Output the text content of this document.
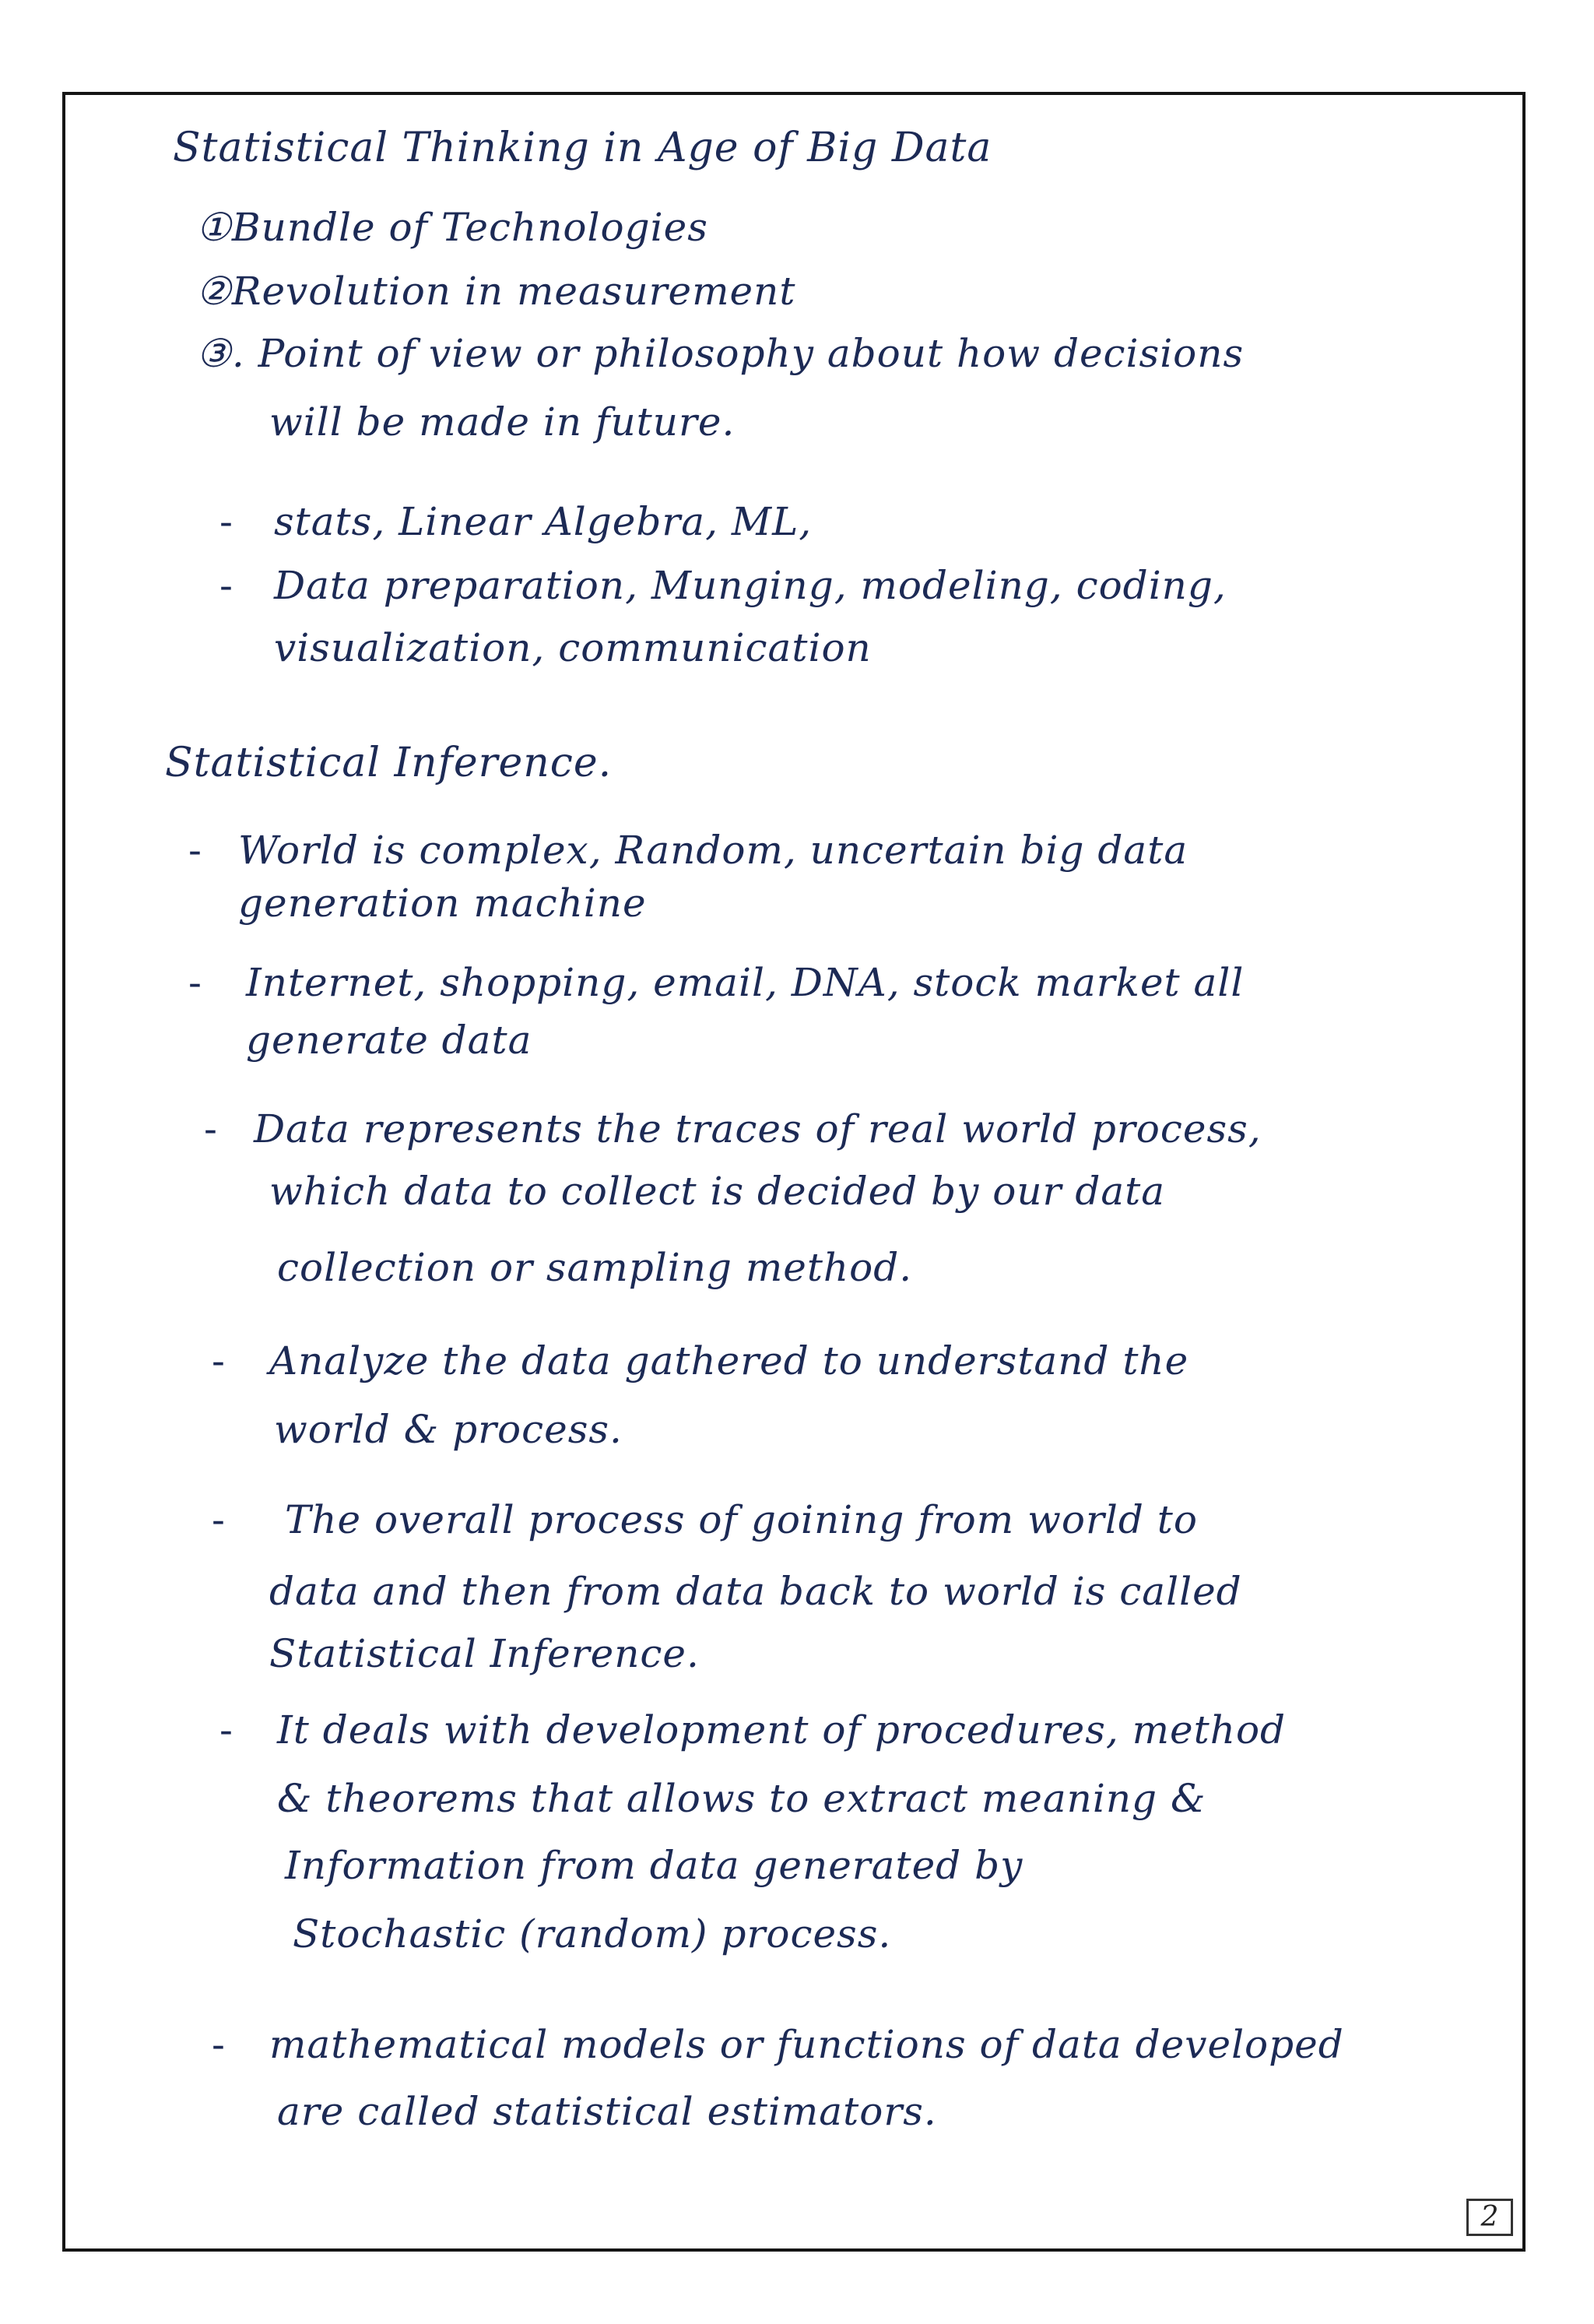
Statistical Thinking in Age of Big Data
①Bundle of Technologies
②Revolution in measurement
③. Point of view or philosophy about how decisions
will be made in future.
- stats, Linear Algebra, ML,
- Data preparation, Munging, modeling, coding,
visualization, communication
Statistical Inference.
- World is complex, Random, uncertain big data
generation machine
- Internet, shopping, email, DNA, stock market all
generate data
- Data represents the traces of real world process,
which data to collect is decided by our data
collection or sampling method.
- Analyze the data gathered to understand the
world & process.
- The overall process of goining from world to
data and then from data back to world is called
Statistical Inference.
- It deals with development of procedures, method
& theorems that allows to extract meaning &
Information from data generated by
Stochastic (random) process.
- mathematical models or functions of data developed
are called statistical estimators.
2
